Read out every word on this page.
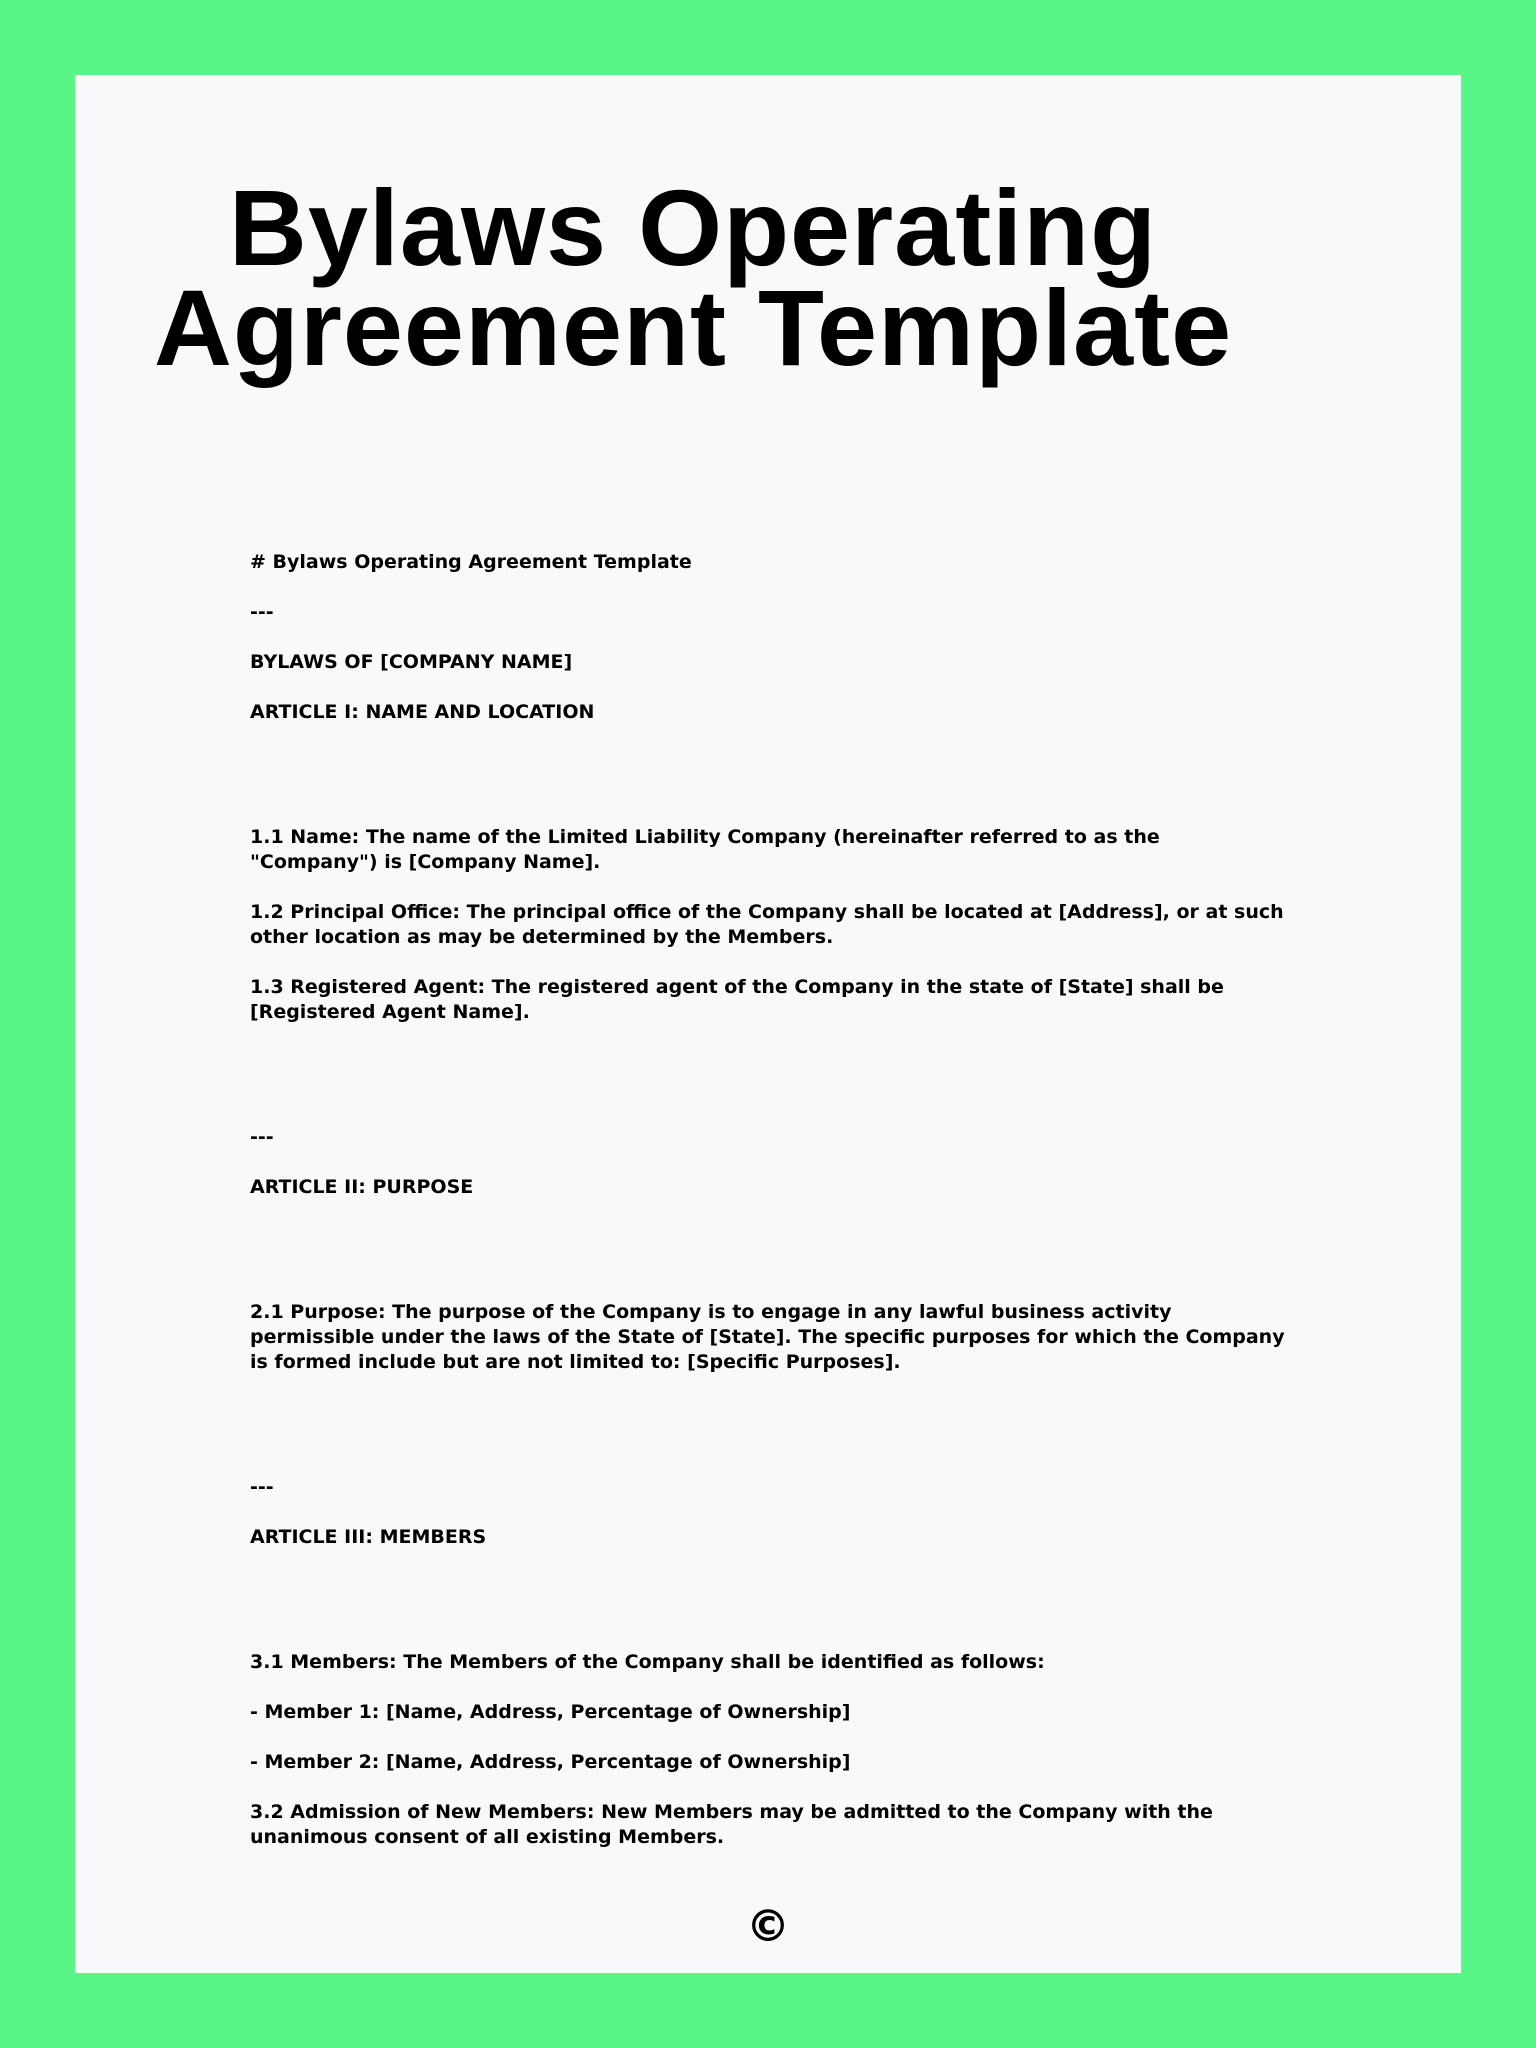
Bylaws Operating Agreement Template

# Bylaws Operating Agreement Template

---

BYLAWS OF [COMPANY NAME]

ARTICLE I: NAME AND LOCATION

1.1 Name: The name of the Limited Liability Company (hereinafter referred to as the "Company") is [Company Name].

1.2 Principal Office: The principal office of the Company shall be located at [Address], or at such other location as may be determined by the Members.

1.3 Registered Agent: The registered agent of the Company in the state of [State] shall be [Registered Agent Name].

---

ARTICLE II: PURPOSE

2.1 Purpose: The purpose of the Company is to engage in any lawful business activity permissible under the laws of the State of [State]. The specific purposes for which the Company is formed include but are not limited to: [Specific Purposes].

---

ARTICLE III: MEMBERS

3.1 Members: The Members of the Company shall be identified as follows:

- Member 1: [Name, Address, Percentage of Ownership]

- Member 2: [Name, Address, Percentage of Ownership]

3.2 Admission of New Members: New Members may be admitted to the Company with the unanimous consent of all existing Members.

©
